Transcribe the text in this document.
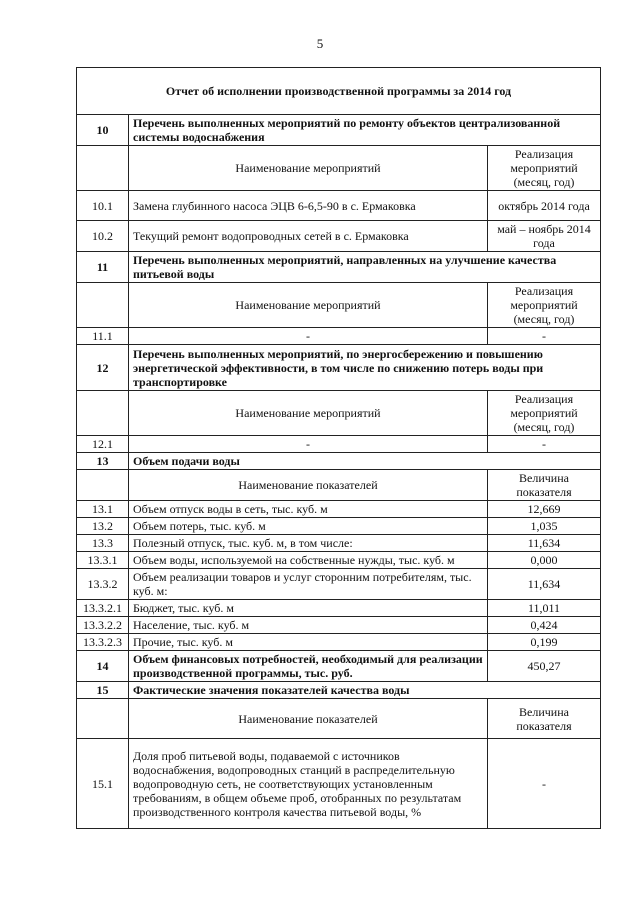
5
Отчет об исполнении производственной программы за 2014 год		
10	Перечень выполненных мероприятий по ремонту объектов централизованной системы водоснабжения	
	Наименование мероприятий	Реализация мероприятий (месяц, год)
10.1	Замена глубинного насоса ЭЦВ 6-6,5-90 в с. Ермаковка	октябрь 2014 года
10.2	Текущий ремонт водопроводных сетей в с. Ермаковка	май – ноябрь 2014 года
11	Перечень выполненных мероприятий, направленных на улучшение качества питьевой воды	
	Наименование мероприятий	Реализация мероприятий (месяц, год)
11.1	-	-
12	Перечень выполненных мероприятий, по энергосбережению и повышению энергетической эффективности, в том числе по снижению потерь воды при транспортировке	
	Наименование мероприятий	Реализация мероприятий (месяц, год)
12.1	-	-
13	Объем подачи воды	
	Наименование показателей	Величина показателя
13.1	Объем отпуск воды в сеть, тыс. куб. м	12,669
13.2	Объем потерь, тыс. куб. м	1,035
13.3	Полезный отпуск, тыс. куб. м, в том числе:	11,634
13.3.1	Объем воды, используемой на собственные нужды, тыс. куб. м	0,000
13.3.2	Объем реализации товаров и услуг сторонним потребителям, тыс. куб. м:	11,634
13.3.2.1	Бюджет, тыс. куб. м	11,011
13.3.2.2	Население, тыс. куб. м	0,424
13.3.2.3	Прочие, тыс. куб. м	0,199
14	Объем финансовых потребностей, необходимый для реализации производственной программы, тыс. руб.	450,27
15	Фактические значения показателей качества воды	
	Наименование показателей	Величина показателя
15.1	Доля проб питьевой воды, подаваемой с источников водоснабжения, водопроводных станций в распределительную водопроводную сеть, не соответствующих установленным требованиям, в общем объеме проб, отобранных по результатам производственного контроля качества питьевой воды, %	-
